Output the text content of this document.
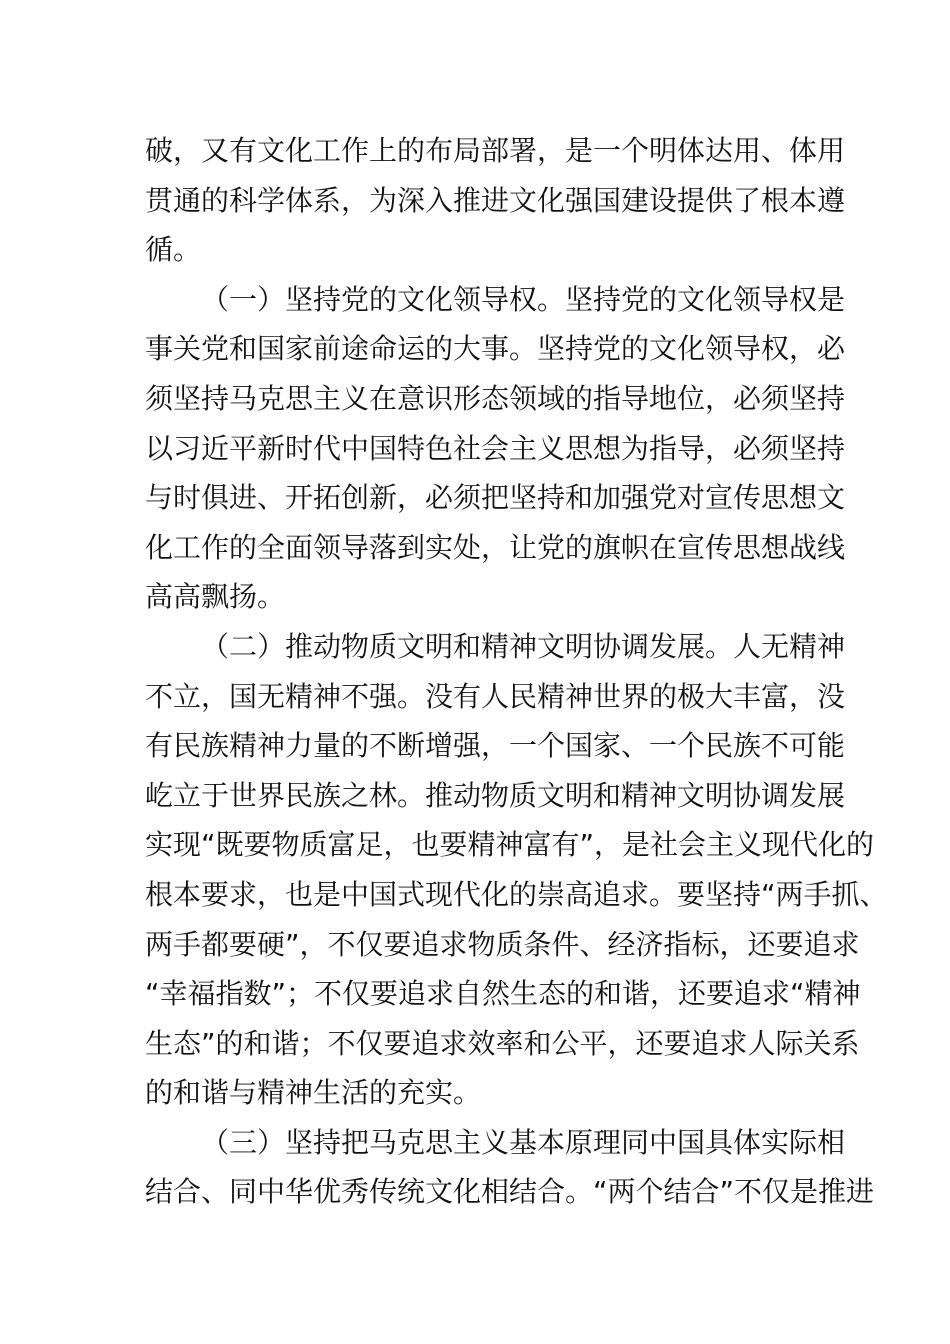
破，又有文化工作上的布局部署，是一个明体达用、体用
贯通的科学体系，为深入推进文化强国建设提供了根本遵
循。
（一）坚持党的文化领导权。坚持党的文化领导权是
事关党和国家前途命运的大事。坚持党的文化领导权，必
须坚持马克思主义在意识形态领域的指导地位，必须坚持
以习近平新时代中国特色社会主义思想为指导，必须坚持
与时俱进、开拓创新，必须把坚持和加强党对宣传思想文
化工作的全面领导落到实处，让党的旗帜在宣传思想战线
高高飘扬。
（二）推动物质文明和精神文明协调发展。人无精神
不立，国无精神不强。没有人民精神世界的极大丰富，没
有民族精神力量的不断增强，一个国家、一个民族不可能
屹立于世界民族之林。推动物质文明和精神文明协调发展
实现“既要物质富足，也要精神富有”，是社会主义现代化的
根本要求，也是中国式现代化的崇高追求。要坚持“两手抓、
两手都要硬”，不仅要追求物质条件、经济指标，还要追求
“幸福指数”；不仅要追求自然生态的和谐，还要追求“精神
生态”的和谐；不仅要追求效率和公平，还要追求人际关系
的和谐与精神生活的充实。
（三）坚持把马克思主义基本原理同中国具体实际相
结合、同中华优秀传统文化相结合。“两个结合”不仅是推进
